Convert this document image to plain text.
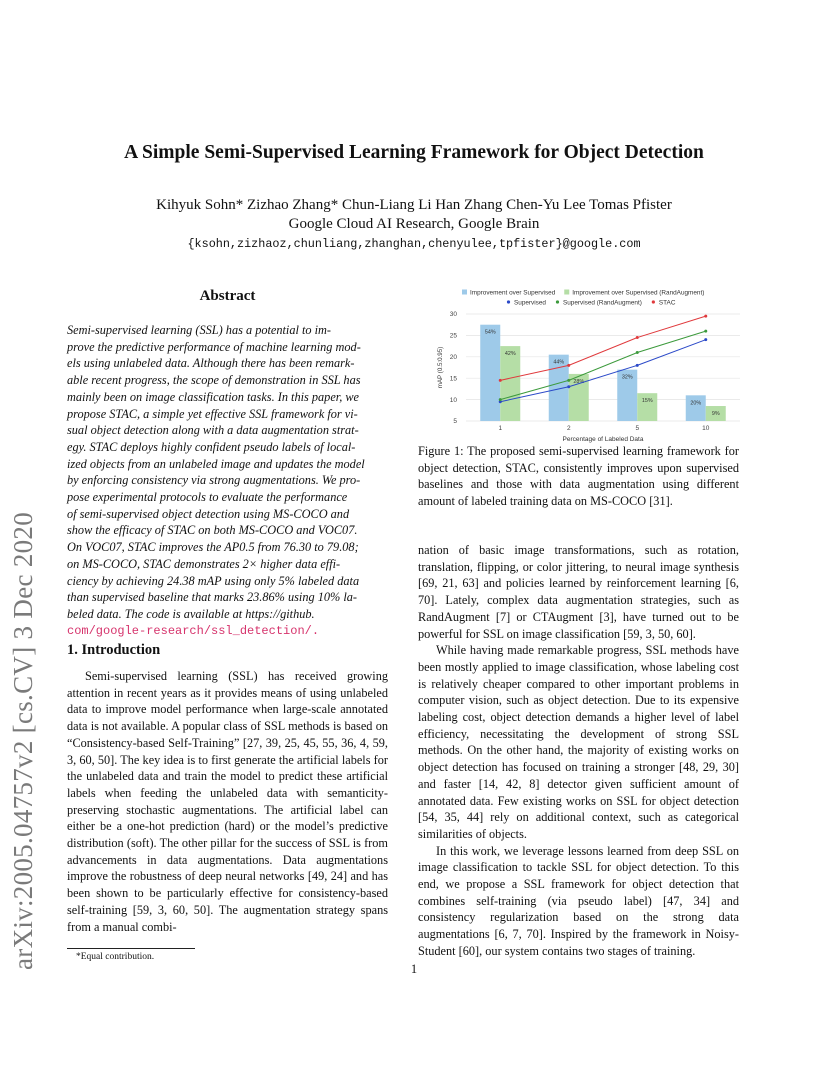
arXiv:2005.04757v2 [cs.CV] 3 Dec 2020
A Simple Semi-Supervised Learning Framework for Object Detection
Kihyuk Sohn* Zizhao Zhang* Chun-Liang Li Han Zhang Chen-Yu Lee Tomas Pfister
Google Cloud AI Research, Google Brain
{ksohn,zizhaoz,chunliang,zhanghan,chenyulee,tpfister}@google.com
Abstract
Semi-supervised learning (SSL) has a potential to im-
prove the predictive performance of machine learning mod-
els using unlabeled data. Although there has been remark-
able recent progress, the scope of demonstration in SSL has
mainly been on image classification tasks. In this paper, we
propose STAC, a simple yet effective SSL framework for vi-
sual object detection along with a data augmentation strat-
egy. STAC deploys highly confident pseudo labels of local-
ized objects from an unlabeled image and updates the model
by enforcing consistency via strong augmentations. We pro-
pose experimental protocols to evaluate the performance
of semi-supervised object detection using MS-COCO and
show the efficacy of STAC on both MS-COCO and VOC07.
On VOC07, STAC improves the AP0.5 from 76.30 to 79.08;
on MS-COCO, STAC demonstrates 2× higher data effi-
ciency by achieving 24.38 mAP using only 5% labeled data
than supervised baseline that marks 23.86% using 10% la-
beled data. The code is available at https://github.
com/google-research/ssl_detection/.
1. Introduction

Semi-supervised learning (SSL) has received growing attention in recent years as it provides means of using unlabeled data to improve model performance when large-scale annotated data is not available. A popular class of SSL methods is based on “Consistency-based Self-Training” [27, 39, 25, 45, 55, 36, 4, 59, 3, 60, 50]. The key idea is to first generate the artificial labels for the unlabeled data and train the model to predict these artificial labels when feeding the unlabeled data with semanticity-preserving stochastic augmentations. The artificial label can either be a one-hot prediction (hard) or the model’s predictive distribution (soft). The other pillar for the success of SSL is from advancements in data augmentations. Data augmentations improve the robustness of deep neural networks [49, 24] and has been shown to be particularly effective for consistency-based self-training [59, 3, 60, 50]. The augmentation strategy spans from a manual combi-

*Equal contribution.
Improvement over Supervised	Improvement over Supervised (RandAugment)
Supervised	Supervised (RandAugment)	STAC
5
10
15
20
25
30
mAP (0.5:0.95)
54%
44%
32%
20%
42%
28%
15%
9%
1	2	5	10
Percentage of Labeled Data
Figure 1: The proposed semi-supervised learning framework for object detection, STAC, consistently improves upon supervised baselines and those with data augmentation using different amount of labeled training data on MS-COCO [31].

nation of basic image transformations, such as rotation, translation, flipping, or color jittering, to neural image synthesis [69, 21, 63] and policies learned by reinforcement learning [6, 70]. Lately, complex data augmentation strategies, such as RandAugment [7] or CTAugment [3], have turned out to be powerful for SSL on image classification [59, 3, 50, 60].

While having made remarkable progress, SSL methods have been mostly applied to image classification, whose labeling cost is relatively cheaper compared to other important problems in computer vision, such as object detection. Due to its expensive labeling cost, object detection demands a higher level of label efficiency, necessitating the development of strong SSL methods. On the other hand, the majority of existing works on object detection has focused on training a stronger [48, 29, 30] and faster [14, 42, 8] detector given sufficient amount of annotated data. Few existing works on SSL for object detection [54, 35, 44] rely on additional context, such as categorical similarities of objects.

In this work, we leverage lessons learned from deep SSL on image classification to tackle SSL for object detection. To this end, we propose a SSL framework for object detection that combines self-training (via pseudo label) [47, 34] and consistency regularization based on the strong data augmentations [6, 7, 70]. Inspired by the framework in Noisy-Student [60], our system contains two stages of training.

1
